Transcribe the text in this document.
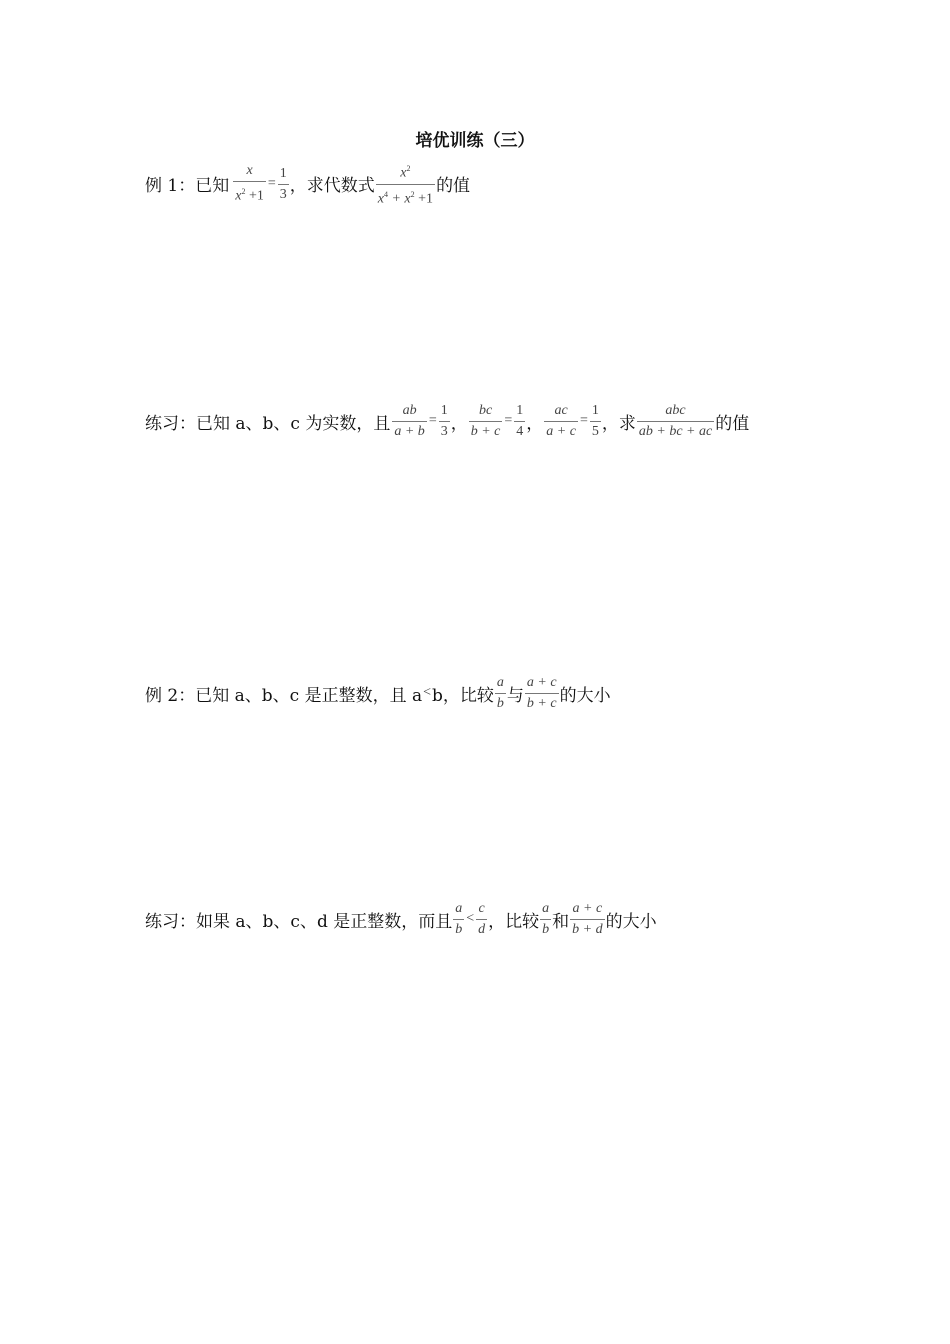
培优训练（三）
例 1：已知 $\frac{x}{x^2 +1} = \frac{1}{3}$ ，求代数式 $\frac{x^2}{x^4 + x^2 +1}$ 的值
练习：已知 a、b、c 为实数，且 $\frac{ab}{a + b} = \frac{1}{3}$ ， $\frac{bc}{b + c} = \frac{1}{4}$ ， $\frac{ac}{a + c} = \frac{1}{5}$ ，求 $\frac{\text{abc}}{ab + bc + ac}$ 的值
例 2：已知 a、b、c 是正整数，且 a < b，比较 $\frac{a}{b}$ 与 $\frac{a + c}{b + c}$ 的大小
练习：如果 a、b、c、d 是正整数，而且 $\frac{a}{b} < \frac{c}{d}$ ，比较 $\frac{a}{b}$ 和 $\frac{a + c}{b + d}$ 的大小
